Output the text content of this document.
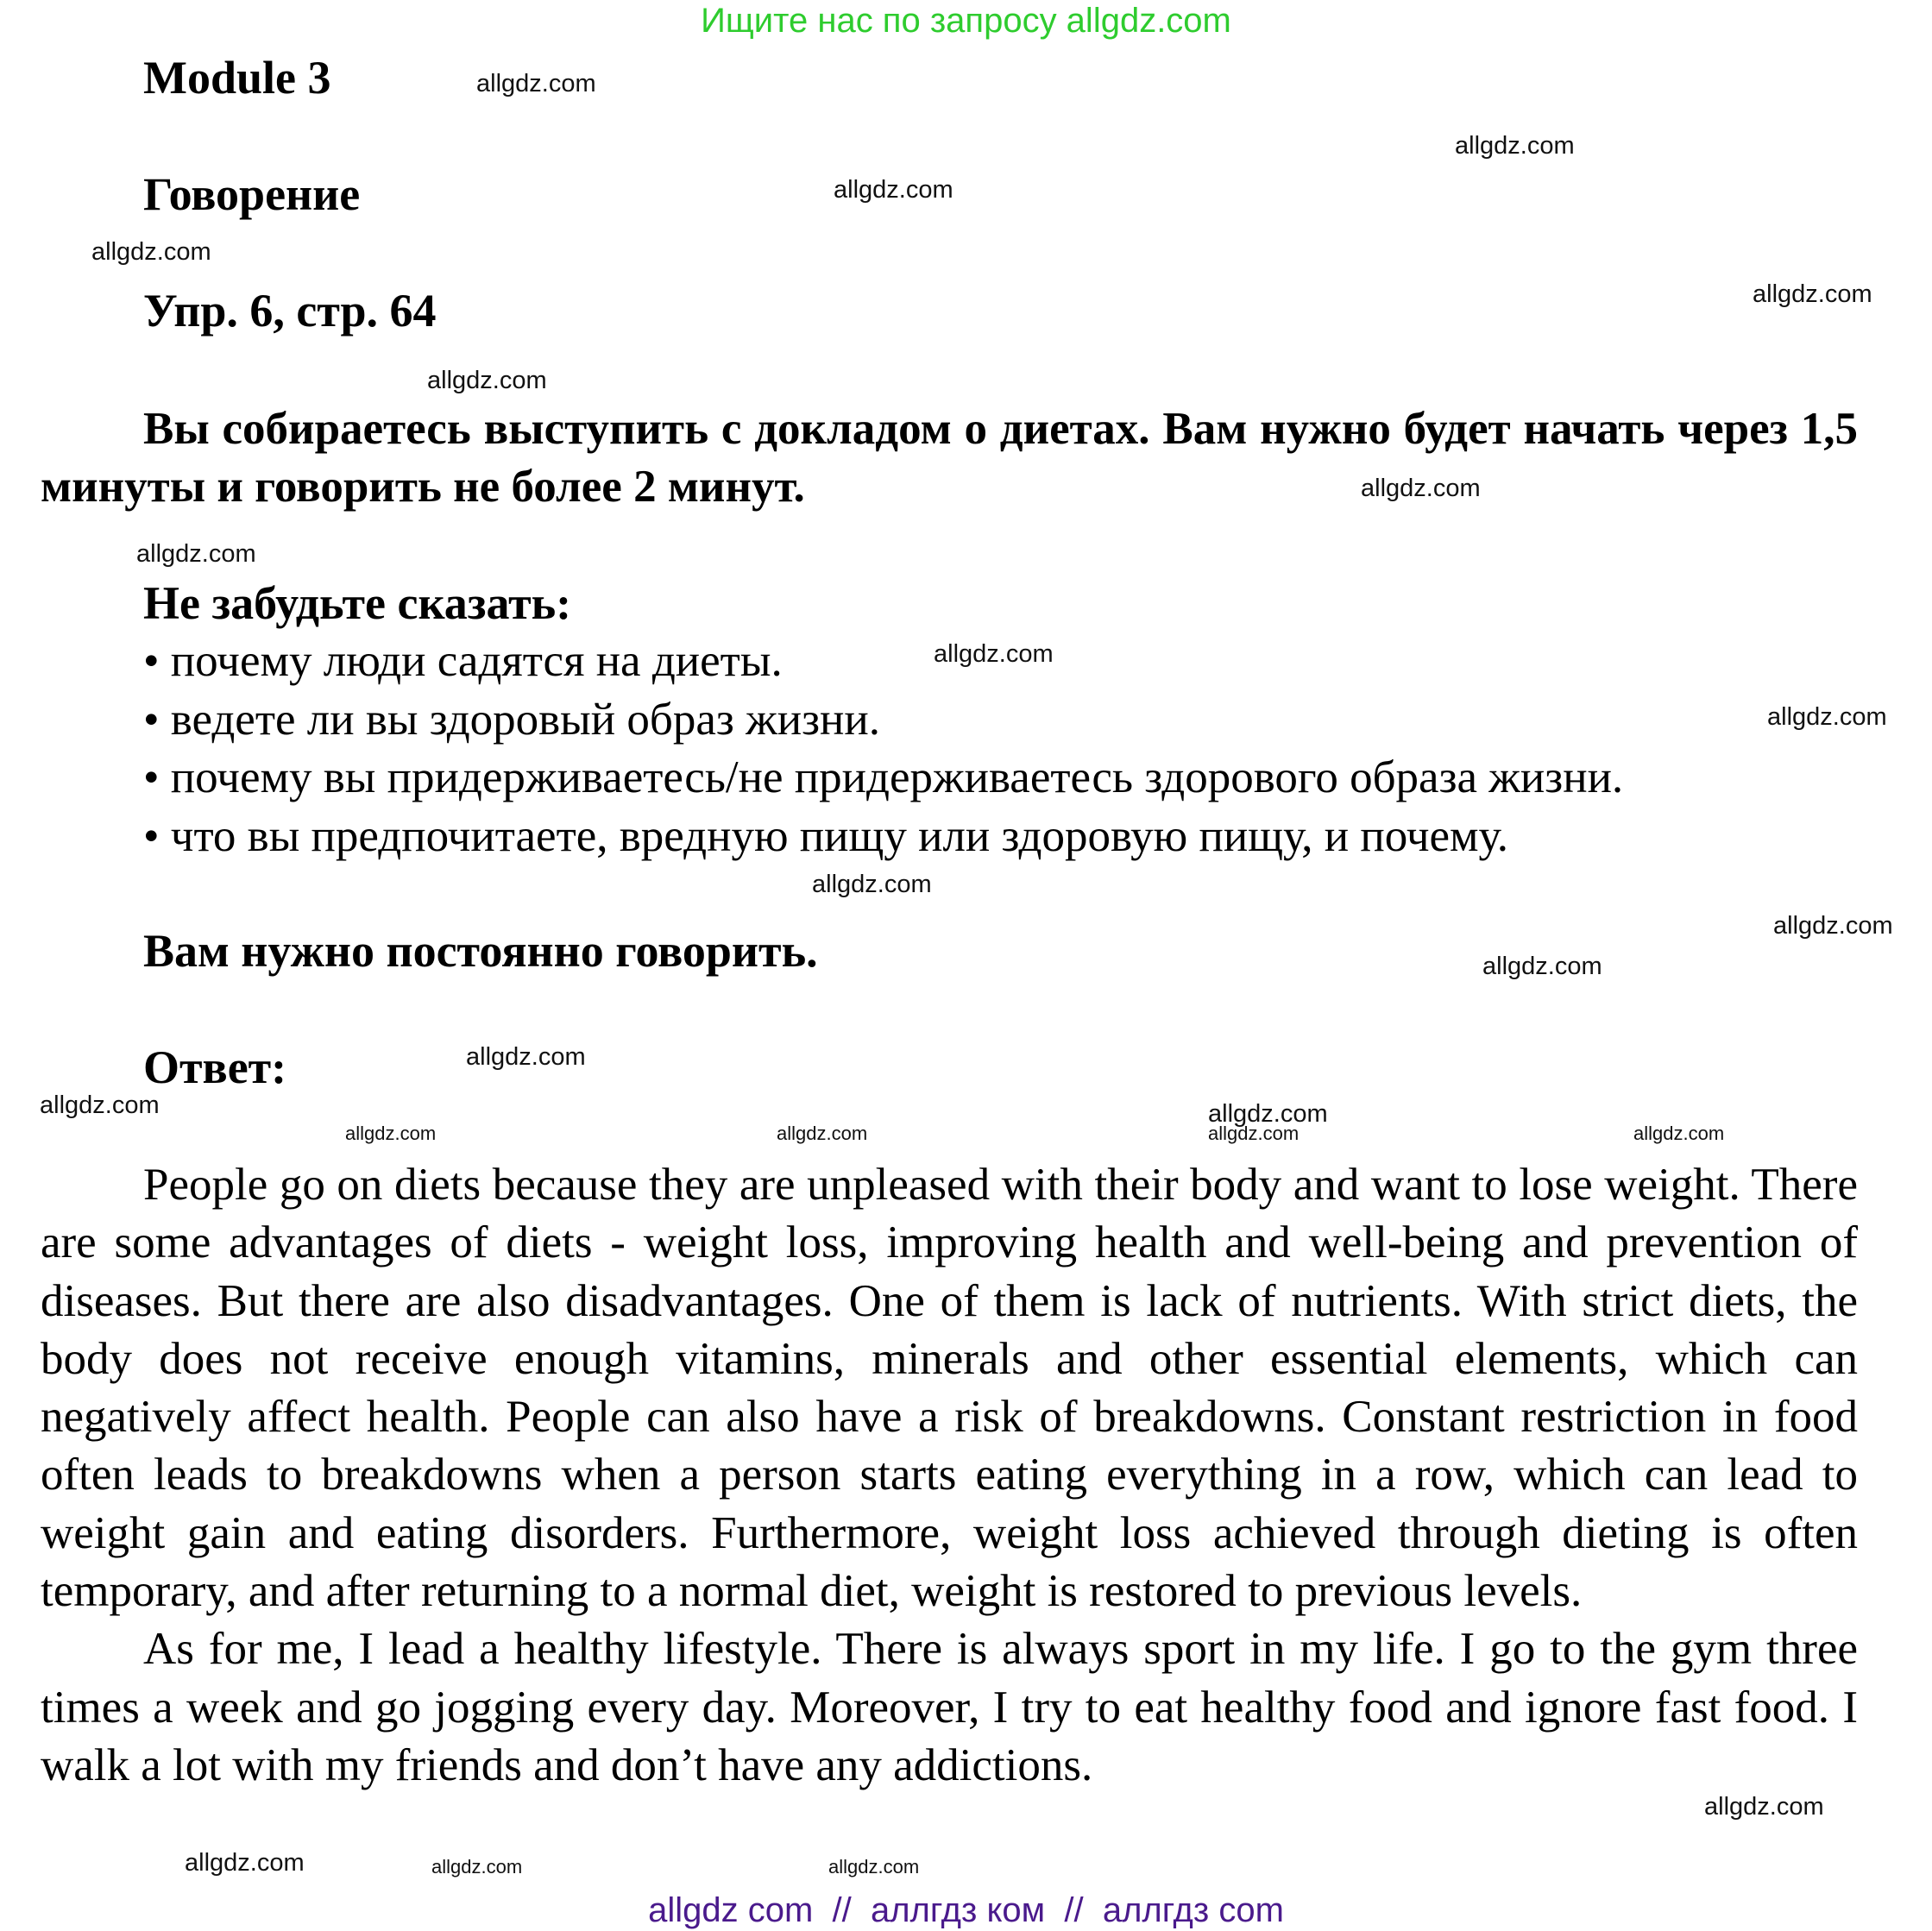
Ищите нас по запросу allgdz.com
Module 3
Говорение
Упр. 6, стр. 64
Вы собираетесь выступить с докладом о диетах. Вам нужно будет начать через 1,5 минуты и говорить не более 2 минут.
Не забудьте сказать:
• почему люди садятся на диеты.
• ведете ли вы здоровый образ жизни.
• почему вы придерживаетесь/не придерживаетесь здорового образа жизни.
• что вы предпочитаете, вредную пищу или здоровую пищу, и почему.
Вам нужно постоянно говорить.
Ответ:

People go on diets because they are unpleased with their body and want to lose weight. There are some advantages of diets - weight loss, improving health and well-being and prevention of diseases. But there are also disadvantages. One of them is lack of nutrients. With strict diets, the body does not receive enough vitamins, minerals and other essential elements, which can negatively affect health. People can also have a risk of breakdowns. Constant restriction in food often leads to breakdowns when a person starts eating everything in a row, which can lead to weight gain and eating disorders. Furthermore, weight loss achieved through dieting is often temporary, and after returning to a normal diet, weight is restored to previous levels.

As for me, I lead a healthy lifestyle. There is always sport in my life. I go to the gym three times a week and go jogging every day. Moreover, I try to eat healthy food and ignore fast food. I walk a lot with my friends and don’t have any addictions.

allgdz.com
allgdz.com
allgdz.com
allgdz.com
allgdz.com
allgdz.com
allgdz.com
allgdz.com
allgdz.com
allgdz.com
allgdz.com
allgdz.com
allgdz.com
allgdz.com
allgdz.com
allgdz.com
allgdz.com	allgdz.com	allgdz.com
allgdz.com
allgdz.com	allgdz.com
allgdz.com
allgdz.com
allgdz com  //  аллгдз ком  //  аллгдз com
